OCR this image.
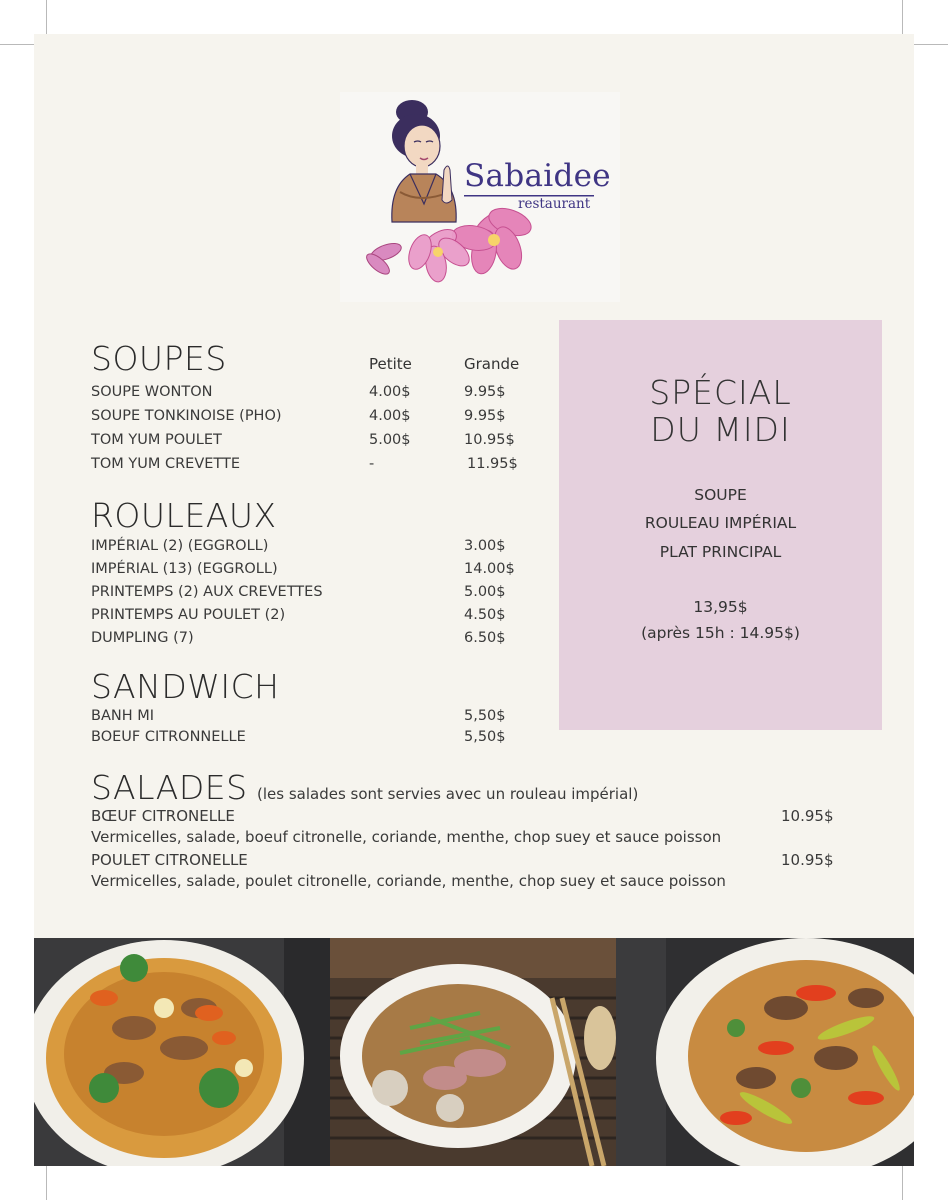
Sabaidee
restaurant
SOUPES	Petite	Grande
SOUPE WONTON	4.00$	9.95$
SOUPE TONKINOISE (PHO)	4.00$	9.95$
TOM YUM POULET	5.00$	10.95$
TOM YUM CREVETTE	-	11.95$
ROULEAUX
IMPÉRIAL (2) (EGGROLL)	3.00$
IMPÉRIAL (13) (EGGROLL)	14.00$
PRINTEMPS (2) AUX CREVETTES	5.00$
PRINTEMPS AU POULET (2)	4.50$
DUMPLING (7)	6.50$
SANDWICH
BANH MI	5,50$
BOEUF CITRONNELLE	5,50$
SALADES (les salades sont servies avec un rouleau impérial)
BŒUF CITRONELLE	10.95$
Vermicelles, salade, boeuf citronelle, coriande, menthe, chop suey et sauce poisson
POULET CITRONELLE	10.95$
Vermicelles, salade, poulet citronelle, coriande, menthe, chop suey et sauce poisson
SPÉCIAL
DU MIDI
SOUPE
ROULEAU IMPÉRIAL
PLAT PRINCIPAL
13,95$
(après 15h : 14.95$)
